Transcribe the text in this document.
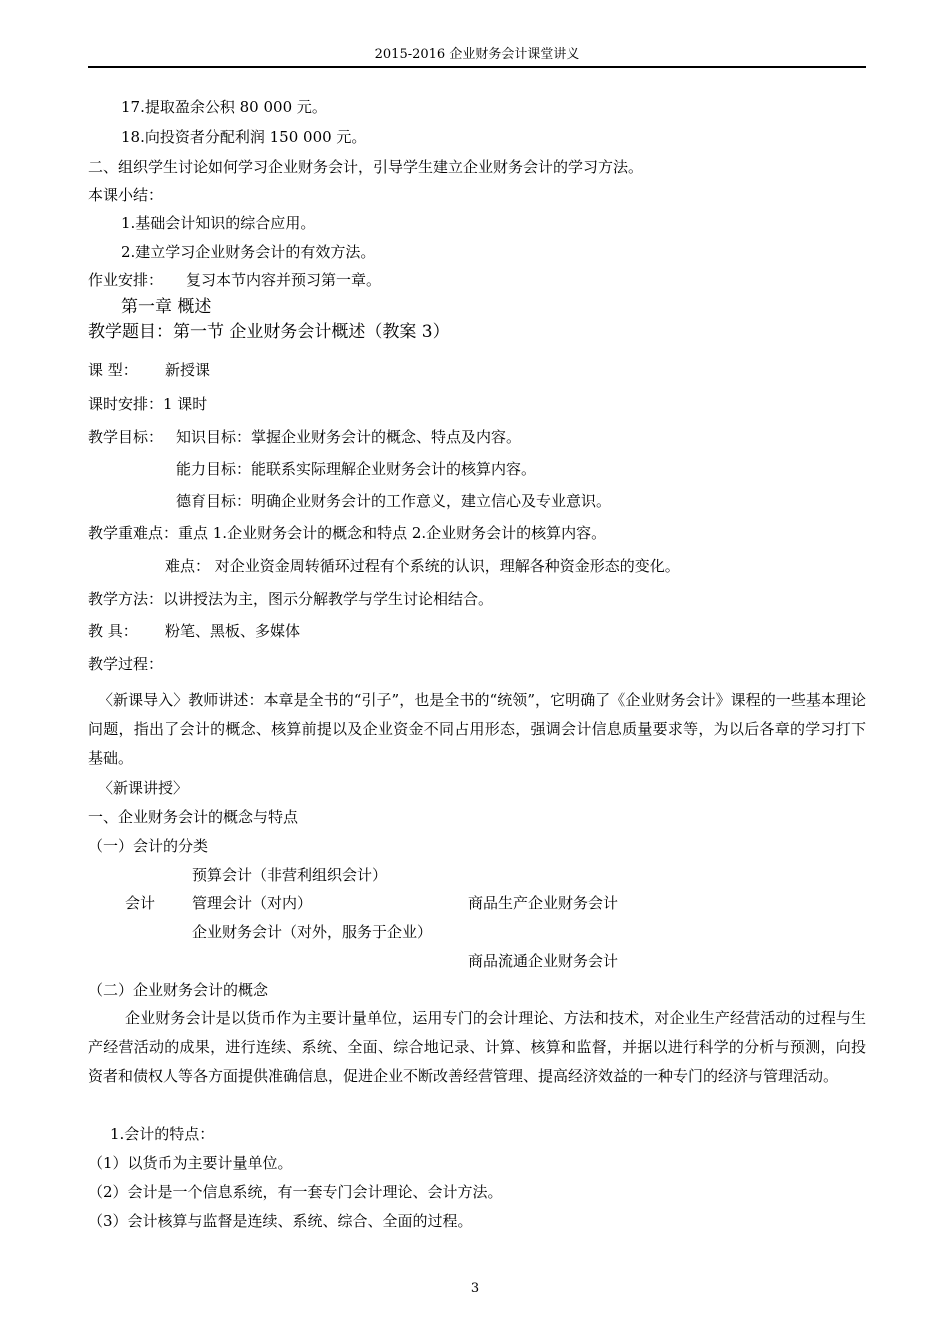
2015-2016 企业财务会计课堂讲义
17.提取盈余公积 80 000 元。
18.向投资者分配利润 150 000 元。
二、组织学生讨论如何学习企业财务会计，引导学生建立企业财务会计的学习方法。
本课小结：
1.基础会计知识的综合应用。
2.建立学习企业财务会计的有效方法。
作业安排： 复习本节内容并预习第一章。
第一章 概述
教学题目：第一节 企业财务会计概述（教案 3）
课 型： 新授课
课时安排：1 课时
教学目标： 知识目标：掌握企业财务会计的概念、特点及内容。
能力目标：能联系实际理解企业财务会计的核算内容。
德育目标：明确企业财务会计的工作意义，建立信心及专业意识。
教学重难点：重点 1.企业财务会计的概念和特点 2.企业财务会计的核算内容。
难点： 对企业资金周转循环过程有个系统的认识，理解各种资金形态的变化。
教学方法：以讲授法为主，图示分解教学与学生讨论相结合。
教 具： 粉笔、黑板、多媒体
教学过程：
〈新课导入〉教师讲述：本章是全书的“引子”，也是全书的“统领”，它明确了《企业财务会计》课程的一些基本理论问题，指出了会计的概念、核算前提以及企业资金不同占用形态，强调会计信息质量要求等，为以后各章的学习打下基础。
〈新课讲授〉
一、企业财务会计的概念与特点
（一）会计的分类
预算会计（非营利组织会计）
会计 管理会计（对内）	商品生产企业财务会计
企业财务会计（对外，服务于企业）
商品流通企业财务会计
（二）企业财务会计的概念
企业财务会计是以货币作为主要计量单位，运用专门的会计理论、方法和技术，对企业生产经营活动的过程与生产经营活动的成果，进行连续、系统、全面、综合地记录、计算、核算和监督，并据以进行科学的分析与预测，向投资者和债权人等各方面提供准确信息，促进企业不断改善经营管理、提高经济效益的一种专门的经济与管理活动。
1.会计的特点：
（1）以货币为主要计量单位。
（2）会计是一个信息系统，有一套专门会计理论、会计方法。
（3）会计核算与监督是连续、系统、综合、全面的过程。
3
